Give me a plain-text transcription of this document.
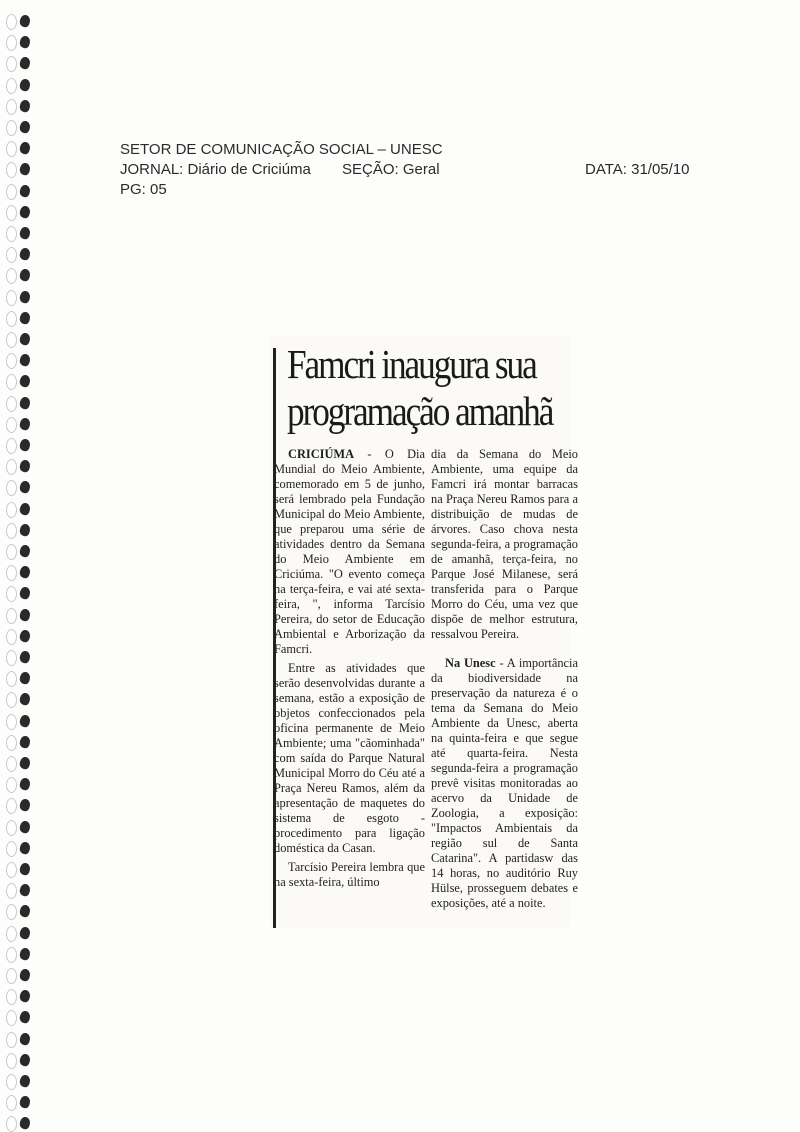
SETOR DE COMUNICAÇÃO SOCIAL – UNESC
JORNAL: Diário de Criciúma SEÇÃO: Geral	DATA: 31/05/10
PG: 05
Famcri inaugura sua
programação amanhã

CRICIÚMA - O Dia Mundial do Meio Ambiente, comemorado em 5 de junho, será lembrado pela Fundação Municipal do Meio Ambiente, que preparou uma série de atividades dentro da Semana do Meio Ambiente em Criciúma. "O evento começa na terça-feira, e vai até sexta-feira, ", informa Tarcísio Pereira, do setor de Educação Ambiental e Arborização da Famcri.

Entre as atividades que serão desenvolvidas durante a semana, estão a exposição de objetos confeccionados pela oficina permanente de Meio Ambiente; uma "cãominhada" com saída do Parque Natural Municipal Morro do Céu até a Praça Nereu Ramos, além da apresentação de maquetes do sistema de esgoto - procedimento para ligação doméstica da Casan.

Tarcísio Pereira lembra que na sexta-feira, último

dia da Semana do Meio Ambiente, uma equipe da Famcri irá montar barracas na Praça Nereu Ramos para a distribuição de mudas de árvores. Caso chova nesta segunda-feira, a programação de amanhã, terça-feira, no Parque José Milanese, será transferida para o Parque Morro do Céu, uma vez que dispõe de melhor estrutura, ressalvou Pereira.

Na Unesc - A importância da biodiversidade na preservação da natureza é o tema da Semana do Meio Ambiente da Unesc, aberta na quinta-feira e que segue até quarta-feira. Nesta segunda-feira a programação prevê visitas monitoradas ao acervo da Unidade de Zoologia, a exposição: "Impactos Ambientais da região sul de Santa Catarina". A partidasw das 14 horas, no auditório Ruy Hülse, prosseguem debates e exposições, até a noite.
